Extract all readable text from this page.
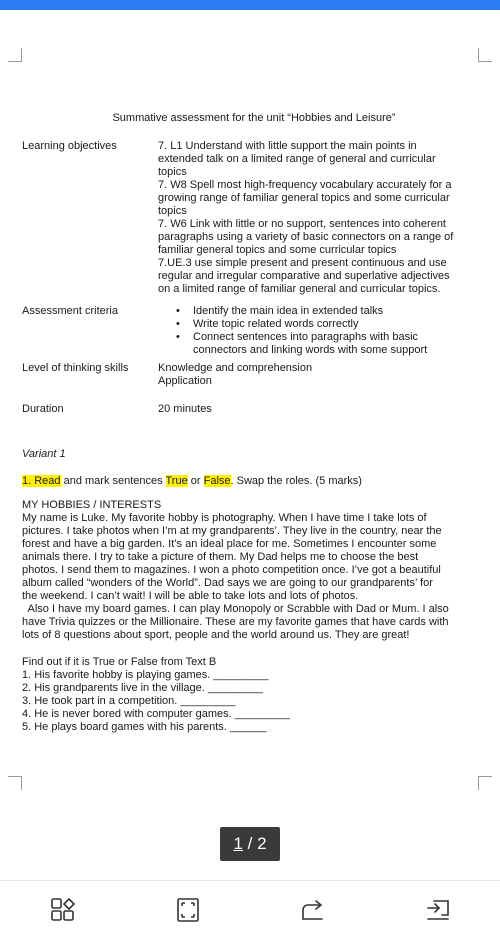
Summative assessment for the unit “Hobbies and Leisure”
Learning objectives	7. L1 Understand with little support the main points in
extended talk on a limited range of general and curricular
topics
7. W8 Spell most high-frequency vocabulary accurately for a
growing range of familiar general topics and some curricular
topics
7. W6 Link with little or no support, sentences into coherent
paragraphs using a variety of basic connectors on a range of
familiar general topics and some curricular topics
7.UE.3 use simple present and present continuous and use
regular and irregular comparative and superlative adjectives
on a limited range of familiar general and curricular topics.
Assessment criteria
•	Identify the main idea in extended talks
• Write topic related words correctly
• Connect sentences into paragraphs with basic
connectors and linking words with some support
Level of thinking skills	Knowledge and comprehension
Application
Duration	20 minutes
Variant 1
1. Read and mark sentences True or False. Swap the roles. (5 marks)
MY HOBBIES / INTERESTS
My name is Luke. My favorite hobby is photography. When I have time I take lots of
pictures. I take photos when I’m at my grandparents’. They live in the country, near the
forest and have a big garden. It’s an ideal place for me. Sometimes I encounter some
animals there. I try to take a picture of them. My Dad helps me to choose the best
photos. I send them to magazines. I won a photo competition once. I’ve got a beautiful
album called “wonders of the World”. Dad says we are going to our grandparents’ for
the weekend. I can’t wait! I will be able to take lots and lots of photos.
Also I have my board games. I can play Monopoly or Scrabble with Dad or Mum. I also
have Trivia quizzes or the Millionaire. These are my favorite games that have cards with
lots of 8 questions about sport, people and the world around us. They are great!
Find out if it is True or False from Text B
1. His favorite hobby is playing games. _________
2. His grandparents live in the village. _________
3. He took part in a competition. _________
4. He is never bored with computer games. _________
5. He plays board games with his parents. ______
1 / 2
